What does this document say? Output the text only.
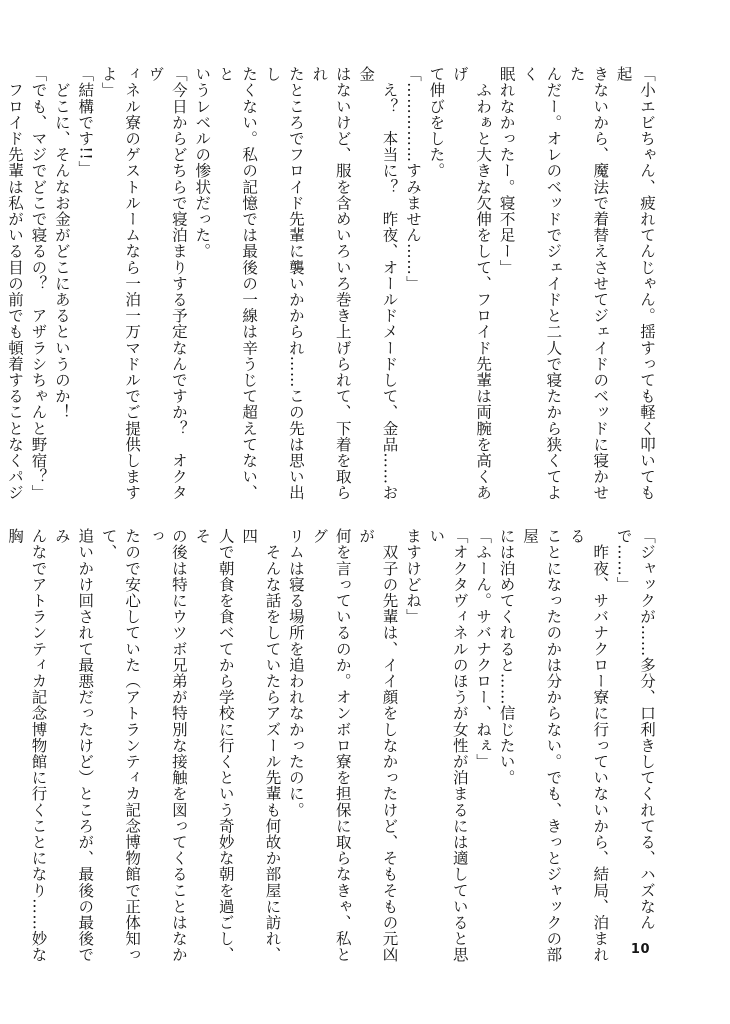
「小エビちゃん、疲れてんじゃん。揺すっても軽く叩いても起

きないから、魔法で着替えさせてジェイドのベッドに寝かせた

んだー。オレのベッドでジェイドと二人で寝たから狭くてよく

眠れなかったー。寝不足ー」

　ふわぁと大きな欠伸をして、フロイド先輩は両腕を高くあげ

て伸びをした。

「……………すみません……」

　え？　本当に？　昨夜、オールドメードして、金品……お金

はないけど、服を含めいろいろ巻き上げられて、下着を取られ

たところでフロイド先輩に襲いかかられ……この先は思い出し

たくない。私の記憶では最後の一線は辛うじて超えてない、と

いうレベルの惨状だった。

「今日からどちらで寝泊まりする予定なんですか？　オクタヴ

ィネル寮のゲストルームなら一泊一万マドルでご提供します

よ」

「結構です!!」

　どこに、そんなお金がどこにあるというのか！

「でも、マジでどこで寝るの？　アザラシちゃんと野宿？」

　フロイド先輩は私がいる目の前でも頓着することなくパジ

「ジャックが……多分、口利きしてくれてる、ハズなんで……」

　昨夜、サバナクロー寮に行っていないから、結局、泊まれる

ことになったのかは分からない。でも、きっとジャックの部屋

には泊めてくれると……信じたい。

「ふーん。サバナクロー、ねぇ」

「オクタヴィネルのほうが女性が泊まるには適していると思い

ますけどね」

　双子の先輩は、イイ顔をしなかったけど、そもそもの元凶が

何を言っているのか。オンボロ寮を担保に取らなきゃ、私とグ

リムは寝る場所を追われなかったのに。

　そんな話をしていたらアズール先輩も何故か部屋に訪れ、四

人で朝食を食べてから学校に行くという奇妙な朝を過ごし、そ

の後は特にウツボ兄弟が特別な接触を図ってくることはなかっ

たので安心していた（アトランティカ記念博物館で正体知って、

追いかけ回されて最悪だったけど）ところが、最後の最後でみ

んなでアトランティカ記念博物館に行くことになり……妙な胸

10
